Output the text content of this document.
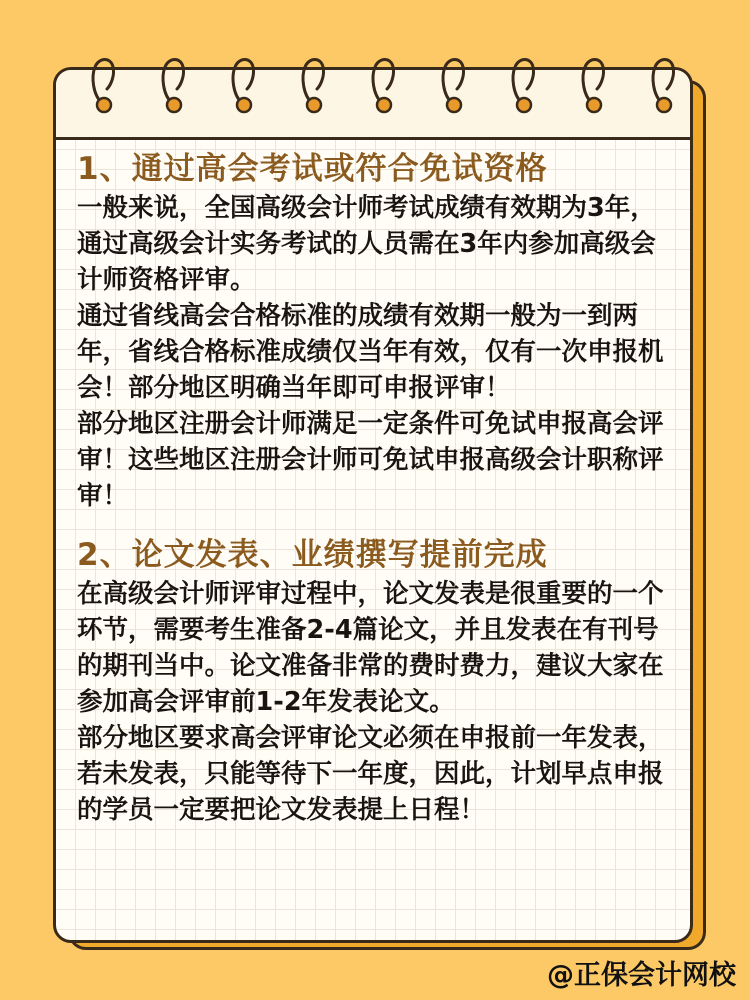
1、通过高会考试或符合免试资格

一般来说，全国高级会计师考试成绩有效期为3年，通过高级会计实务考试的人员需在3年内参加高级会计师资格评审。

通过省线高会合格标准的成绩有效期一般为一到两年，省线合格标准成绩仅当年有效，仅有一次申报机会！部分地区明确当年即可申报评审！

部分地区注册会计师满足一定条件可免试申报高会评审！这些地区注册会计师可免试申报高级会计职称评审！

2、论文发表、业绩撰写提前完成

在高级会计师评审过程中，论文发表是很重要的一个环节，需要考生准备2-4篇论文，并且发表在有刊号的期刊当中。论文准备非常的费时费力，建议大家在参加高会评审前1-2年发表论文。

部分地区要求高会评审论文必须在申报前一年发表，若未发表，只能等待下一年度，因此，计划早点申报的学员一定要把论文发表提上日程！

@正保会计网校
